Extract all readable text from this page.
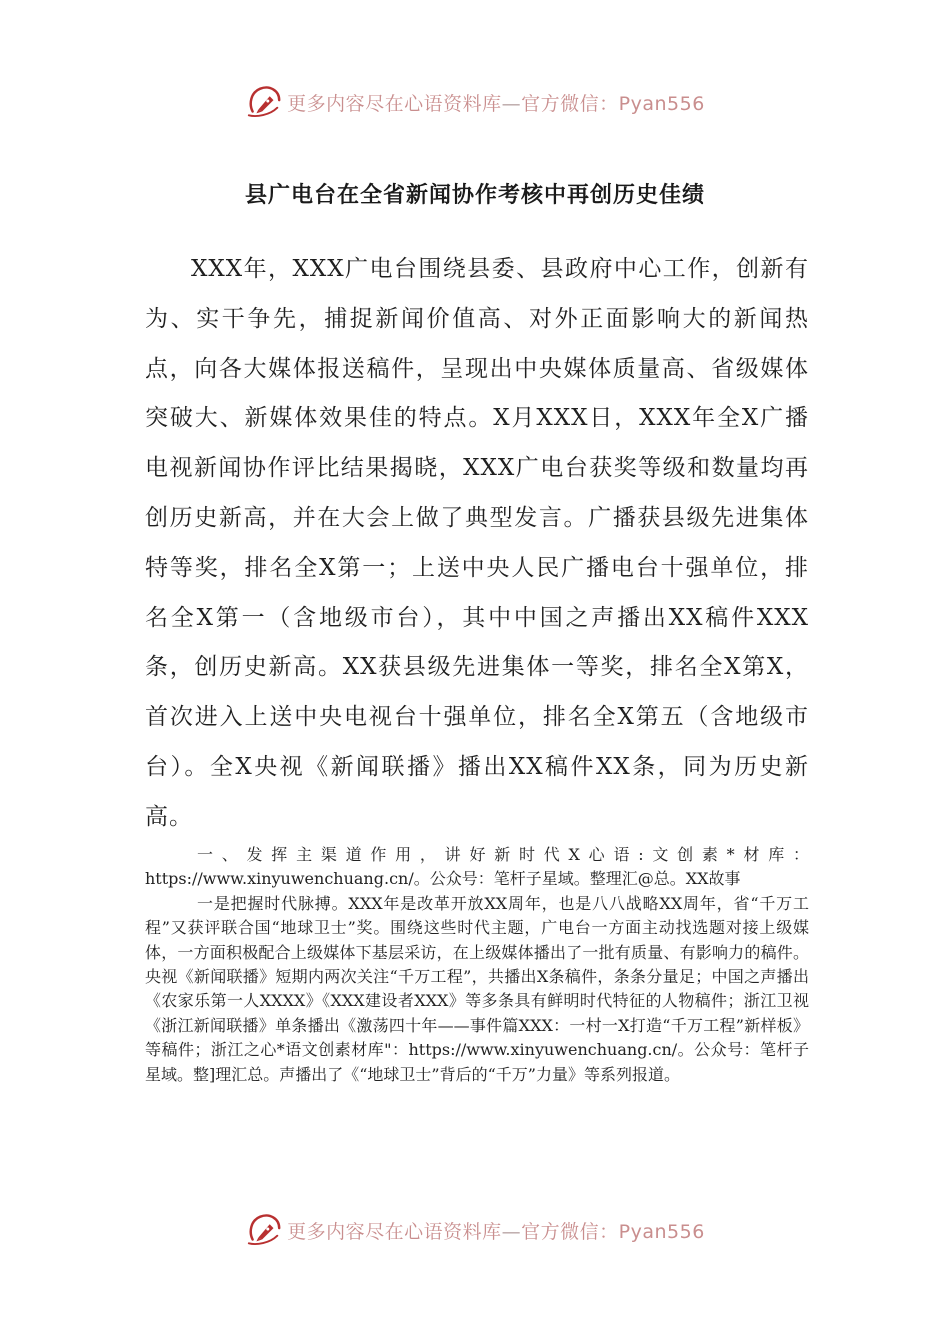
更多内容尽在心语资料库—官方微信：Pyan556
县广电台在全省新闻协作考核中再创历史佳绩

XXX年，XXX广电台围绕县委、县政府中心工作，创新有为、实干争先，捕捉新闻价值高、对外正面影响大的新闻热点，向各大媒体报送稿件，呈现出中央媒体质量高、省级媒体突破大、新媒体效果佳的特点。X月XXX日，XXX年全X广播电视新闻协作评比结果揭晓，XXX广电台获奖等级和数量均再创历史新高，并在大会上做了典型发言。广播获县级先进集体特等奖，排名全X第一；上送中央人民广播电台十强单位，排名全X第一（含地级市台），其中中国之声播出XX稿件XXX条，创历史新高。XX获县级先进集体一等奖，排名全X第X，首次进入上送中央电视台十强单位，排名全X第五（含地级市台）。全X央视《新闻联播》播出XX稿件XX条，同为历史新高。

一、发挥主渠道作用，讲好新时代X心语:文创素*材库：https://www.xinyuwenchuang.cn/。公众号：笔杆子星域。整理汇@总。XX故事

一是把握时代脉搏。XXX年是改革开放XX周年，也是八八战略XX周年，省“千万工程”又获评联合国“地球卫士”奖。围绕这些时代主题，广电台一方面主动找选题对接上级媒体，一方面积极配合上级媒体下基层采访，在上级媒体播出了一批有质量、有影响力的稿件。央视《新闻联播》短期内两次关注“千万工程”，共播出X条稿件，条条分量足；中国之声播出《农家乐第一人XXXX》《XXX建设者XXX》等多条具有鲜明时代特征的人物稿件；浙江卫视《浙江新闻联播》单条播出《激荡四十年——事件篇XXX：一村一X打造“千万工程”新样板》等稿件；浙江之心*语文创素材库"：https://www.xinyuwenchuang.cn/。公众号：笔杆子星域。整]理汇总。声播出了《“地球卫士”背后的“千万”力量》等系列报道。

更多内容尽在心语资料库—官方微信：Pyan556
